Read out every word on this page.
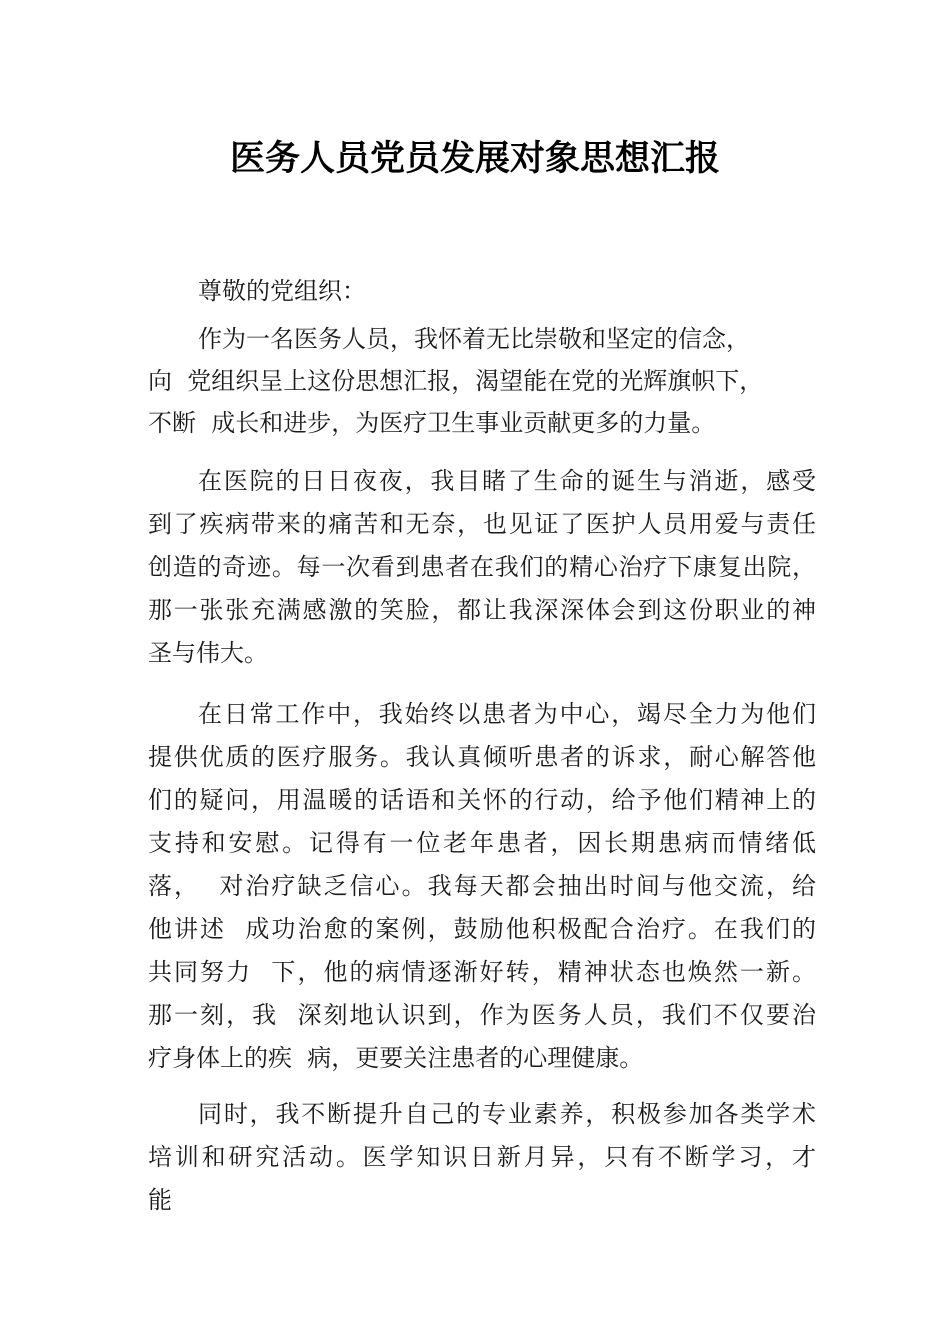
医务人员党员发展对象思想汇报
尊敬的党组织：
作为一名医务人员，我怀着无比崇敬和坚定的信念，
向  党组织呈上这份思想汇报，渴望能在党的光辉旗帜下，
不断  成长和进步，为医疗卫生事业贡献更多的力量。
在医院的日日夜夜，我目睹了生命的诞生与消逝，感受
到了疾病带来的痛苦和无奈，也见证了医护人员用爱与责任
创造的奇迹。每一次看到患者在我们的精心治疗下康复出院，
那一张张充满感激的笑脸，都让我深深体会到这份职业的神
圣与伟大。
在日常工作中，我始终以患者为中心，竭尽全力为他们
提供优质的医疗服务。我认真倾听患者的诉求，耐心解答他
们的疑问，用温暖的话语和关怀的行动，给予他们精神上的
支持和安慰。记得有一位老年患者，因长期患病而情绪低
落，  对治疗缺乏信心。我每天都会抽出时间与他交流，给
他讲述  成功治愈的案例，鼓励他积极配合治疗。在我们的
共同努力  下，他的病情逐渐好转，精神状态也焕然一新。
那一刻，我  深刻地认识到，作为医务人员，我们不仅要治
疗身体上的疾  病，更要关注患者的心理健康。
同时，我不断提升自己的专业素养，积极参加各类学术
培训和研究活动。医学知识日新月异，只有不断学习，才
能
